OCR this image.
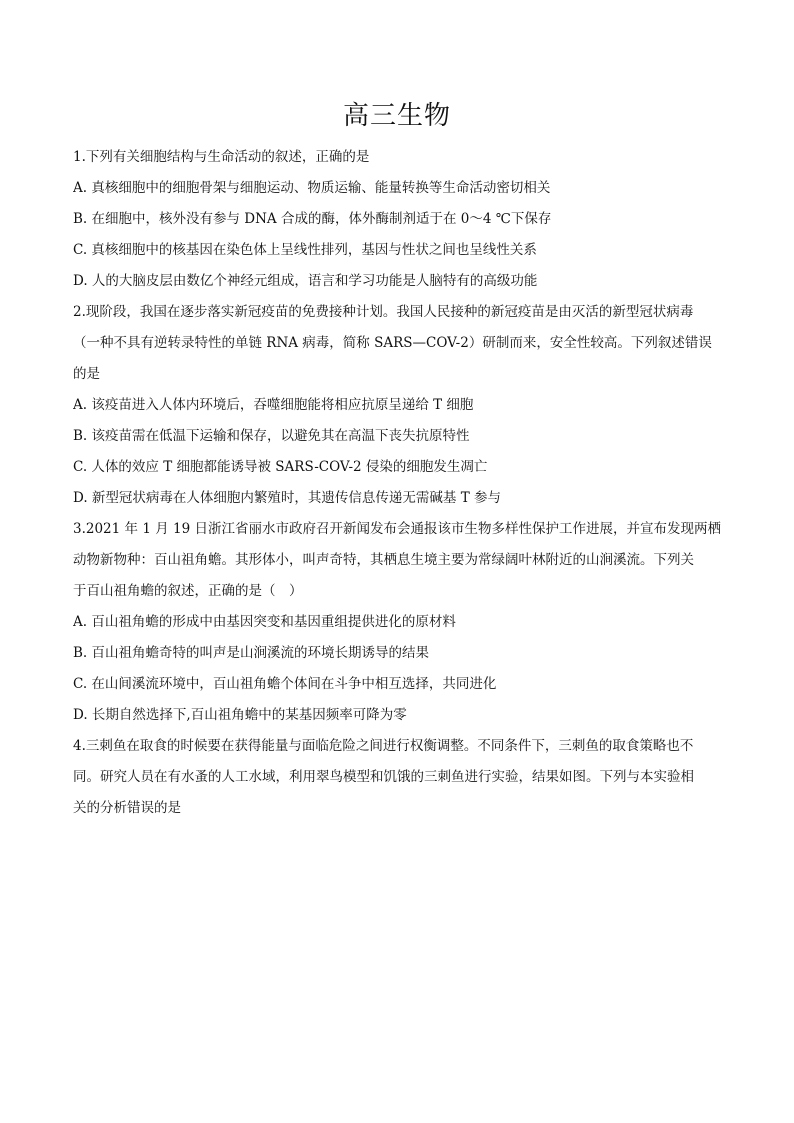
高三生物
1.下列有关细胞结构与生命活动的叙述，正确的是
A. 真核细胞中的细胞骨架与细胞运动、物质运输、能量转换等生命活动密切相关
B. 在细胞中，核外没有参与 DNA 合成的酶，体外酶制剂适于在 0～4 ℃下保存
C. 真核细胞中的核基因在染色体上呈线性排列，基因与性状之间也呈线性关系
D. 人的大脑皮层由数亿个神经元组成，语言和学习功能是人脑特有的高级功能
2.现阶段，我国在逐步落实新冠疫苗的免费接种计划。我国人民接种的新冠疫苗是由灭活的新型冠状病毒
（一种不具有逆转录特性的单链 RNA 病毒，简称 SARS—COV-2）研制而来，安全性较高。下列叙述错误
的是
A. 该疫苗进入人体内环境后，吞噬细胞能将相应抗原呈递给 T 细胞
B. 该疫苗需在低温下运输和保存，以避免其在高温下丧失抗原特性
C. 人体的效应 T 细胞都能诱导被 SARS-COV-2 侵染的细胞发生凋亡
D. 新型冠状病毒在人体细胞内繁殖时，其遗传信息传递无需碱基 T 参与
3.2021 年 1 月 19 日浙江省丽水市政府召开新闻发布会通报该市生物多样性保护工作进展，并宣布发现两栖
动物新物种：百山祖角蟾。其形体小，叫声奇特，其栖息生境主要为常绿阔叶林附近的山涧溪流。下列关
于百山祖角蟾的叙述，正确的是（　）
A. 百山祖角蟾的形成中由基因突变和基因重组提供进化的原材料
B. 百山祖角蟾奇特的叫声是山涧溪流的环境长期诱导的结果
C. 在山间溪流环境中，百山祖角蟾个体间在斗争中相互选择，共同进化
D. 长期自然选择下,百山祖角蟾中的某基因频率可降为零
4.三刺鱼在取食的时候要在获得能量与面临危险之间进行权衡调整。不同条件下，三刺鱼的取食策略也不
同。研究人员在有水蚤的人工水域，利用翠鸟模型和饥饿的三刺鱼进行实验，结果如图。下列与本实验相
关的分析错误的是
